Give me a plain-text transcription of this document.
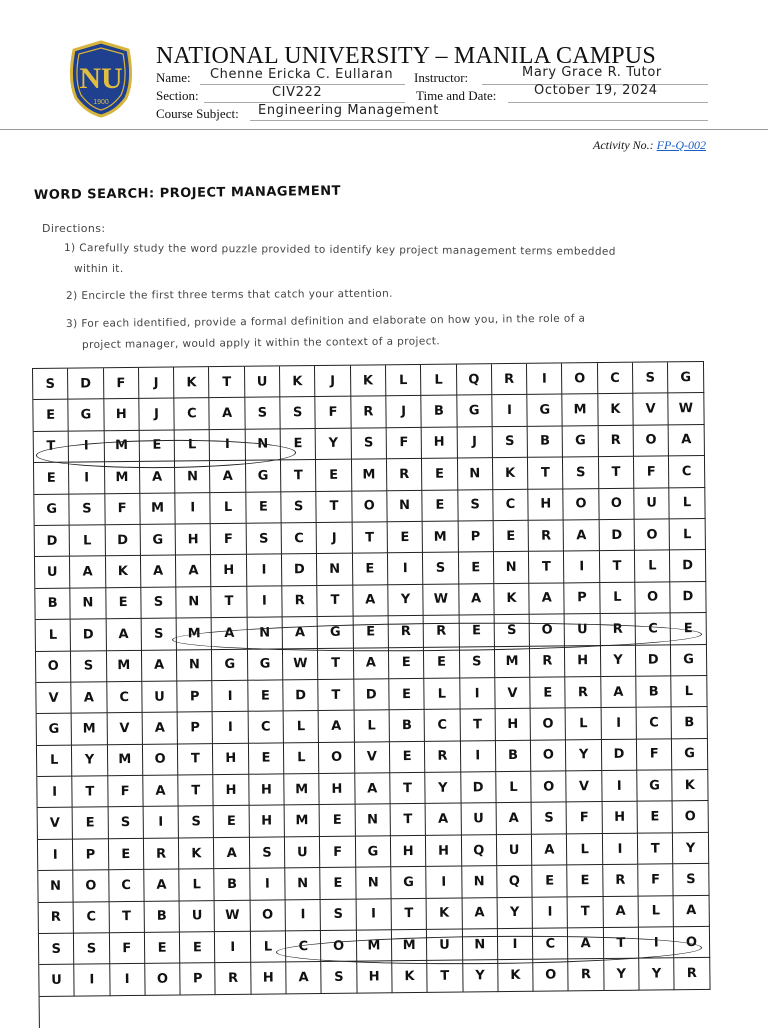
NU
1900
NATIONAL UNIVERSITY – MANILA CAMPUS
Name: Chenne Ericka C. Eullaran
Section:	CIV222
Course Subject: Engineering Management
Instructor:	Mary Grace R. Tutor
Time and Date:	October 19, 2024
Activity No.: FP-Q-002
WORD SEARCH: PROJECT MANAGEMENT
Directions:
1) Carefully study the word puzzle provided to identify key project management terms embedded
within it.
2) Encircle the first three terms that catch your attention.
3) For each identified, provide a formal definition and elaborate on how you, in the role of a
project manager, would apply it within the context of a project.
S	D	F	J	K	T	U	K	J	K	L	L	Q	R	I	O	C	S	G
E	G	H	J	C	A	S	S	F	R	J	B	G	I	G	M	K	V	W
T	I	M	E	L	I	N	E	Y	S	F	H	J	S	B	G	R	O	A
E	I	M	A	N	A	G	T	E	M	R	E	N	K	T	S	T	F	C
G	S	F	M	I	L	E	S	T	O	N	E	S	C	H	O	O	U	L
D	L	D	G	H	F	S	C	J	T	E	M	P	E	R	A	D	O	L
U	A	K	A	A	H	I	D	N	E	I	S	E	N	T	I	T	L	D
B	N	E	S	N	T	I	R	T	A	Y	W	A	K	A	P	L	O	D
L	D	A	S	M	A	N	A	G	E	R	R	E	S	O	U	R	C	E
O	S	M	A	N	G	G	W	T	A	E	E	S	M	R	H	Y	D	G
V	A	C	U	P	I	E	D	T	D	E	L	I	V	E	R	A	B	L
G	M	V	A	P	I	C	L	A	L	B	C	T	H	O	L	I	C	B
L	Y	M	O	T	H	E	L	O	V	E	R	I	B	O	Y	D	F	G
I	T	F	A	T	H	H	M	H	A	T	Y	D	L	O	V	I	G	K
V	E	S	I	S	E	H	M	E	N	T	A	U	A	S	F	H	E	O
I	P	E	R	K	A	S	U	F	G	H	H	Q	U	A	L	I	T	Y
N	O	C	A	L	B	I	N	E	N	G	I	N	Q	E	E	R	F	S
R	C	T	B	U	W	O	I	S	I	T	K	A	Y	I	T	A	L	A
S	S	F	E	E	I	L	C	O	M	M	U	N	I	C	A	T	I	O
U	I	I	O	P	R	H	A	S	H	K	T	Y	K	O	R	Y	Y	R
